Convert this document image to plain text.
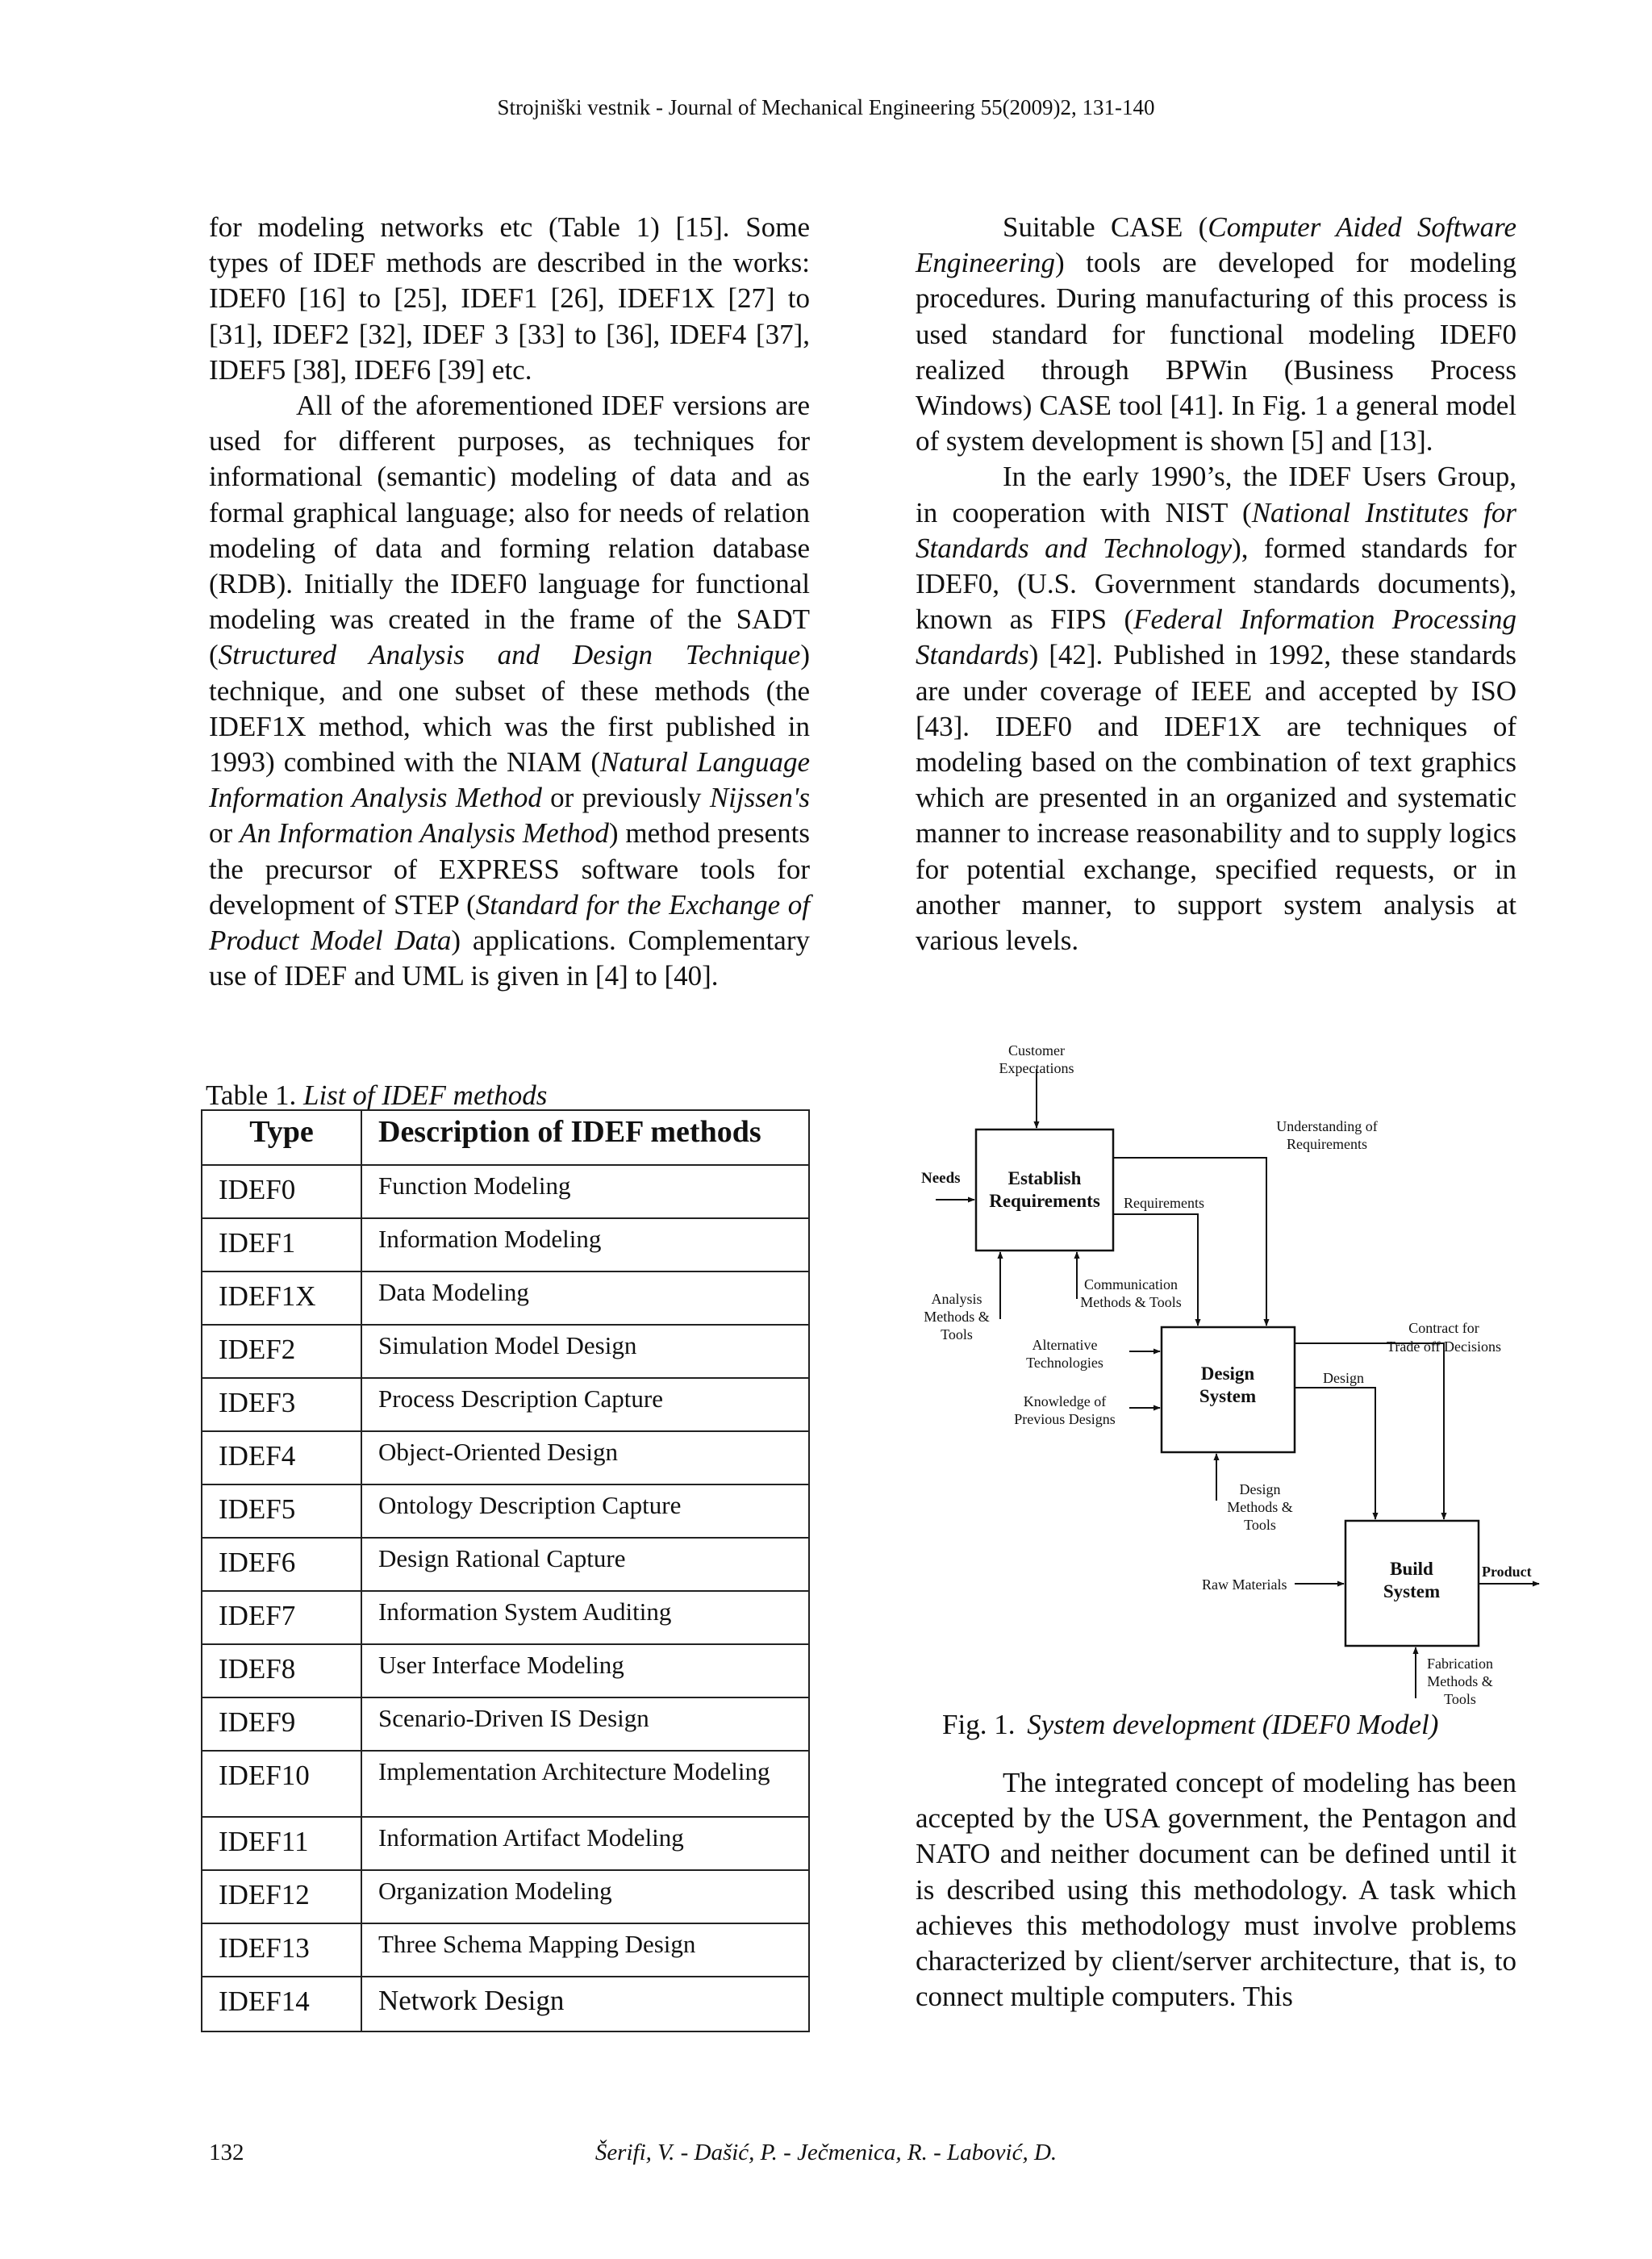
Strojniški vestnik - Journal of Mechanical Engineering 55(2009)2, 131-140

for modeling networks etc (Table 1) [15]. Some types of IDEF methods are described in the works: IDEF0 [16] to [25], IDEF1 [26], IDEF1X [27] to [31], IDEF2 [32], IDEF 3 [33] to [36], IDEF4 [37], IDEF5 [38], IDEF6 [39] etc.

All of the aforementioned IDEF versions are used for different purposes, as techniques for informational (semantic) modeling of data and as formal graphical language; also for needs of relation modeling of data and forming relation database (RDB). Initially the IDEF0 language for functional modeling was created in the frame of the SADT (Structured Analysis and Design Technique) technique, and one subset of these methods (the IDEF1X method, which was the first published in 1993) combined with the NIAM (Natural Language Information Analysis Method or previously Nijssen's or An Information Analysis Method) method presents the precursor of EXPRESS software tools for development of STEP (Standard for the Exchange of Product Model Data) applications. Complementary use of IDEF and UML is given in [4] to [40].

Table 1. List of IDEF methods
Type	Description of IDEF methods
IDEF0	Function Modeling
IDEF1	Information Modeling
IDEF1X	Data Modeling
IDEF2	Simulation Model Design
IDEF3	Process Description Capture
IDEF4	Object-Oriented Design
IDEF5	Ontology Description Capture
IDEF6	Design Rational Capture
IDEF7	Information System Auditing
IDEF8	User Interface Modeling
IDEF9	Scenario-Driven IS Design
IDEF10	Implementation Architecture Modeling
IDEF11	Information Artifact Modeling
IDEF12	Organization Modeling
IDEF13	Three Schema Mapping Design
IDEF14	Network Design

Suitable CASE (Computer Aided Software Engineering) tools are developed for modeling procedures. During manufacturing of this process is used standard for functional modeling IDEF0 realized through BPWin (Business Process Windows) CASE tool [41]. In Fig. 1 a general model of system development is shown [5] and [13].

In the early 1990’s, the IDEF Users Group, in cooperation with NIST (National Institutes for Standards and Technology), formed standards for IDEF0, (U.S. Government standards documents), known as FIPS (Federal Information Processing Standards) [42]. Published in 1992, these standards are under coverage of IEEE and accepted by ISO [43]. IDEF0 and IDEF1X are techniques of modeling based on the combination of text graphics which are presented in an organized and systematic manner to increase reasonability and to supply logics for potential exchange, specified requests, or in another manner, to support system analysis at various levels.

Establish
Requirements
Design
System
Build
System
Customer
Expectations
Needs
Understanding of
Requirements
Requirements
Communication
Methods & Tools
Analysis
Methods &
Tools
Alternative
Technologies
Knowledge of
Previous Designs
Contract for
Trade off Decisions
Design
Design
Methods &
Tools
Raw Materials
Product
Fabrication
Methods &
Tools
Fig. 1. System development (IDEF0 Model)

The integrated concept of modeling has been accepted by the USA government, the Pentagon and NATO and neither document can be defined until it is described using this methodology. A task which achieves this methodology must involve problems characterized by client/server architecture, that is, to connect multiple computers. This

132	Šerifi, V. - Dašić, P. - Ječmenica, R. - Labović, D.
